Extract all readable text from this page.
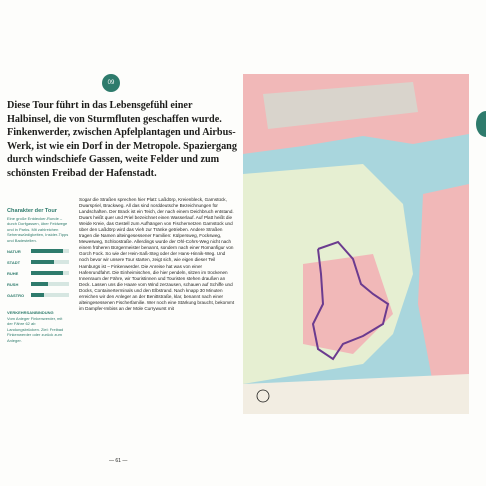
09

Diese Tour führt in das Lebensgefühl einer Halbinsel, die von Sturmfluten geschaffen wurde. Finkenwerder, zwischen Apfelplantagen und Airbus-Werk, ist wie ein Dorf in der Metropole. Spaziergang durch windschiefe Gassen, weite Felder und zum schönsten Freibad der Hafenstadt.

Charakter der Tour

Eine große Entdecker-Runde – durch Dorfgassen, über Feldwege und in Parks. Mit zahlreichen Sehenswürdigkeiten, Insider-Tipps und Badestellen.

NATUR
STADT
RUHE
RUSH
GASTRO

VERKEHRSANBINDUNG

Vom Anleger Finkenwerder, mit der Fähre 62 ab Landungsbrücken. Ziel: Freibad Finkenwerder oder zurück zum Anleger.

Sogar die Straßen sprechen hier Platt: Laßdörp, Kreienbleck, Garnstück, Dwarspriel, Brackweg. All das sind norddeutsche Bezeichnungen für Landschaften. Der Brack ist ein Teich, der nach einem Deichbruch entstand. Dwars heißt quer und Priel bezeichnet einen Wasserlauf. Auf Platt heißt die Weide Kreie, das Gestell zum Aufhängen von Fischernetzen Garnstück und über den Laßdörp wird das Vieh zur Tränke getrieben. Andere Straßen tragen die Namen alteingesessener Familien: Külpersweg, Focksweg, Mewesweg, Schloostraße. Allerdings wurde der Ohl-Cohrs-Weg nicht nach einem früheren Bürgermeister benannt, sondern nach einer Romanfigur von Gorch Fock. So wie der Hein-Saß-Steg oder der Hans-Hinnik-Weg. Und noch bevor wir unsere Tour starten, zeigt sich, wie eigen dieser Teil Hamburgs ist – Finkenwerder. Die Anreise hat was von einer Hafenrundfahrt. Die Einheimischen, die hier pendeln, sitzen im trockenen Innenraum der Fähre, wir Touristinnen und Touristen stehen draußen an Deck. Lassen uns die Haare vom Wind zerzausen, schauen auf Schiffe und Docks, Containerterminals und den Elbstrand. Nach knapp 30 Minuten erreichen wir den Anleger an der Benittstraße, klar, benannt nach einer alteingesessenen Fischerfamilie. Wer noch eine Stärkung braucht, bekommt im Dampfer-Imbiss an der Mole Currywurst mit

— 61 —
